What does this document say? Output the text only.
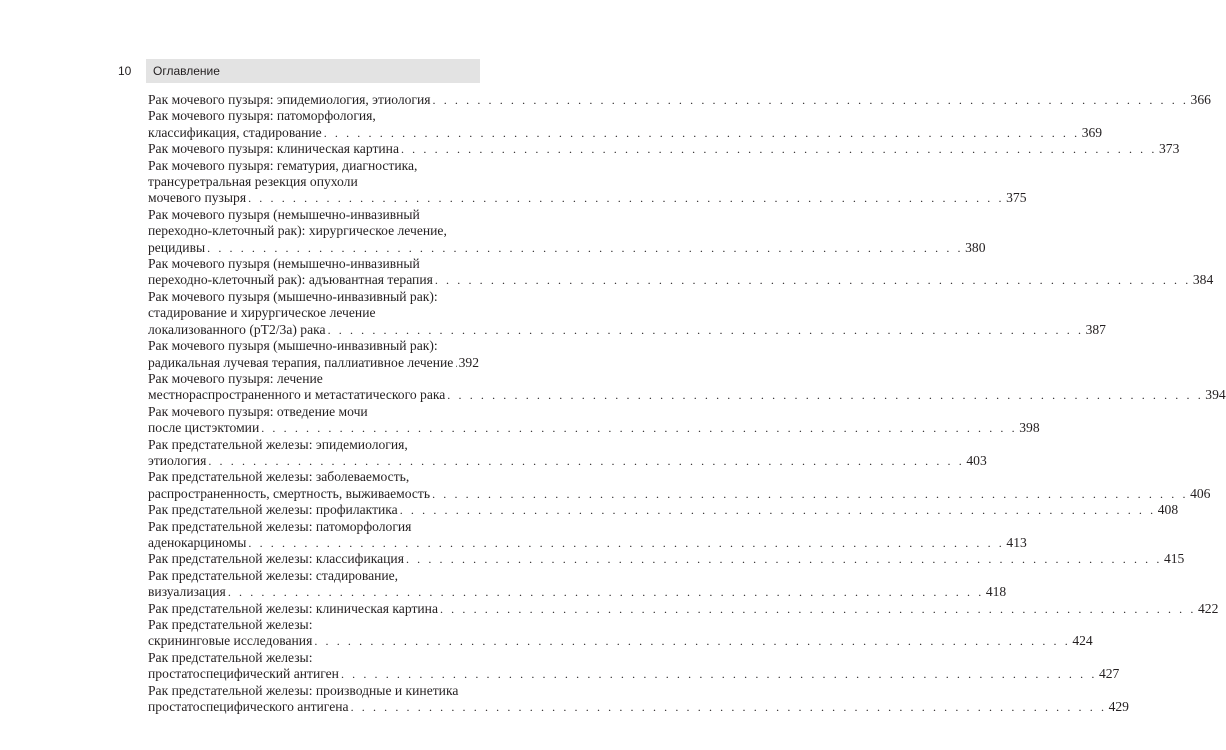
10 Оглавление
Рак мочевого пузыря: эпидемиология, этиология . . . . . . . . . . . . . . . . . . . . . . . . . . . . . . . . . . . . . . . . . . . . . . . . . . . . . . . . . . . . . . . . . . . . 366
Рак мочевого пузыря: патоморфология,
классификация, стадирование . . . . . . . . . . . . . . . . . . . . . . . . . . . . . . . . . . . . . . . . . . . . . . . . . . . . . . . . . . . . . . . . . . . . 369
Рак мочевого пузыря: клиническая картина . . . . . . . . . . . . . . . . . . . . . . . . . . . . . . . . . . . . . . . . . . . . . . . . . . . . . . . . . . . . . . . . . . . . 373
Рак мочевого пузыря: гематурия, диагностика,
трансуретральная резекция опухоли
мочевого пузыря . . . . . . . . . . . . . . . . . . . . . . . . . . . . . . . . . . . . . . . . . . . . . . . . . . . . . . . . . . . . . . . . . . . . 375
Рак мочевого пузыря (немышечно-инвазивный
переходно-клеточный рак): хирургическое лечение,
рецидивы . . . . . . . . . . . . . . . . . . . . . . . . . . . . . . . . . . . . . . . . . . . . . . . . . . . . . . . . . . . . . . . . . . . . 380
Рак мочевого пузыря (немышечно-инвазивный
переходно-клеточный рак): адъювантная терапия . . . . . . . . . . . . . . . . . . . . . . . . . . . . . . . . . . . . . . . . . . . . . . . . . . . . . . . . . . . . . . . . . . . . 384
Рак мочевого пузыря (мышечно-инвазивный рак):
стадирование и хирургическое лечение
локализованного (pT2/3a) рака . . . . . . . . . . . . . . . . . . . . . . . . . . . . . . . . . . . . . . . . . . . . . . . . . . . . . . . . . . . . . . . . . . . . 387
Рак мочевого пузыря (мышечно-инвазивный рак):
радикальная лучевая терапия, паллиативное лечение 392
Рак мочевого пузыря: лечение
местнораспространенного и метастатического рака . . . . . . . . . . . . . . . . . . . . . . . . . . . . . . . . . . . . . . . . . . . . . . . . . . . . . . . . . . . . . . . . . . . . 394
Рак мочевого пузыря: отведение мочи
после цистэктомии . . . . . . . . . . . . . . . . . . . . . . . . . . . . . . . . . . . . . . . . . . . . . . . . . . . . . . . . . . . . . . . . . . . . 398
Рак предстательной железы: эпидемиология,
этиология . . . . . . . . . . . . . . . . . . . . . . . . . . . . . . . . . . . . . . . . . . . . . . . . . . . . . . . . . . . . . . . . . . . . 403
Рак предстательной железы: заболеваемость,
распространенность, смертность, выживаемость . . . . . . . . . . . . . . . . . . . . . . . . . . . . . . . . . . . . . . . . . . . . . . . . . . . . . . . . . . . . . . . . . . . . 406
Рак предстательной железы: профилактика . . . . . . . . . . . . . . . . . . . . . . . . . . . . . . . . . . . . . . . . . . . . . . . . . . . . . . . . . . . . . . . . . . . . 408
Рак предстательной железы: патоморфология
аденокарциномы . . . . . . . . . . . . . . . . . . . . . . . . . . . . . . . . . . . . . . . . . . . . . . . . . . . . . . . . . . . . . . . . . . . . 413
Рак предстательной железы: классификация . . . . . . . . . . . . . . . . . . . . . . . . . . . . . . . . . . . . . . . . . . . . . . . . . . . . . . . . . . . . . . . . . . . . 415
Рак предстательной железы: стадирование,
визуализация . . . . . . . . . . . . . . . . . . . . . . . . . . . . . . . . . . . . . . . . . . . . . . . . . . . . . . . . . . . . . . . . . . . . 418
Рак предстательной железы: клиническая картина . . . . . . . . . . . . . . . . . . . . . . . . . . . . . . . . . . . . . . . . . . . . . . . . . . . . . . . . . . . . . . . . . . . . 422
Рак предстательной железы:
скрининговые исследования . . . . . . . . . . . . . . . . . . . . . . . . . . . . . . . . . . . . . . . . . . . . . . . . . . . . . . . . . . . . . . . . . . . . 424
Рак предстательной железы:
простатоспецифический антиген . . . . . . . . . . . . . . . . . . . . . . . . . . . . . . . . . . . . . . . . . . . . . . . . . . . . . . . . . . . . . . . . . . . . 427
Рак предстательной железы: производные и кинетика
простатоспецифического антигена . . . . . . . . . . . . . . . . . . . . . . . . . . . . . . . . . . . . . . . . . . . . . . . . . . . . . . . . . . . . . . . . . . . . 429
